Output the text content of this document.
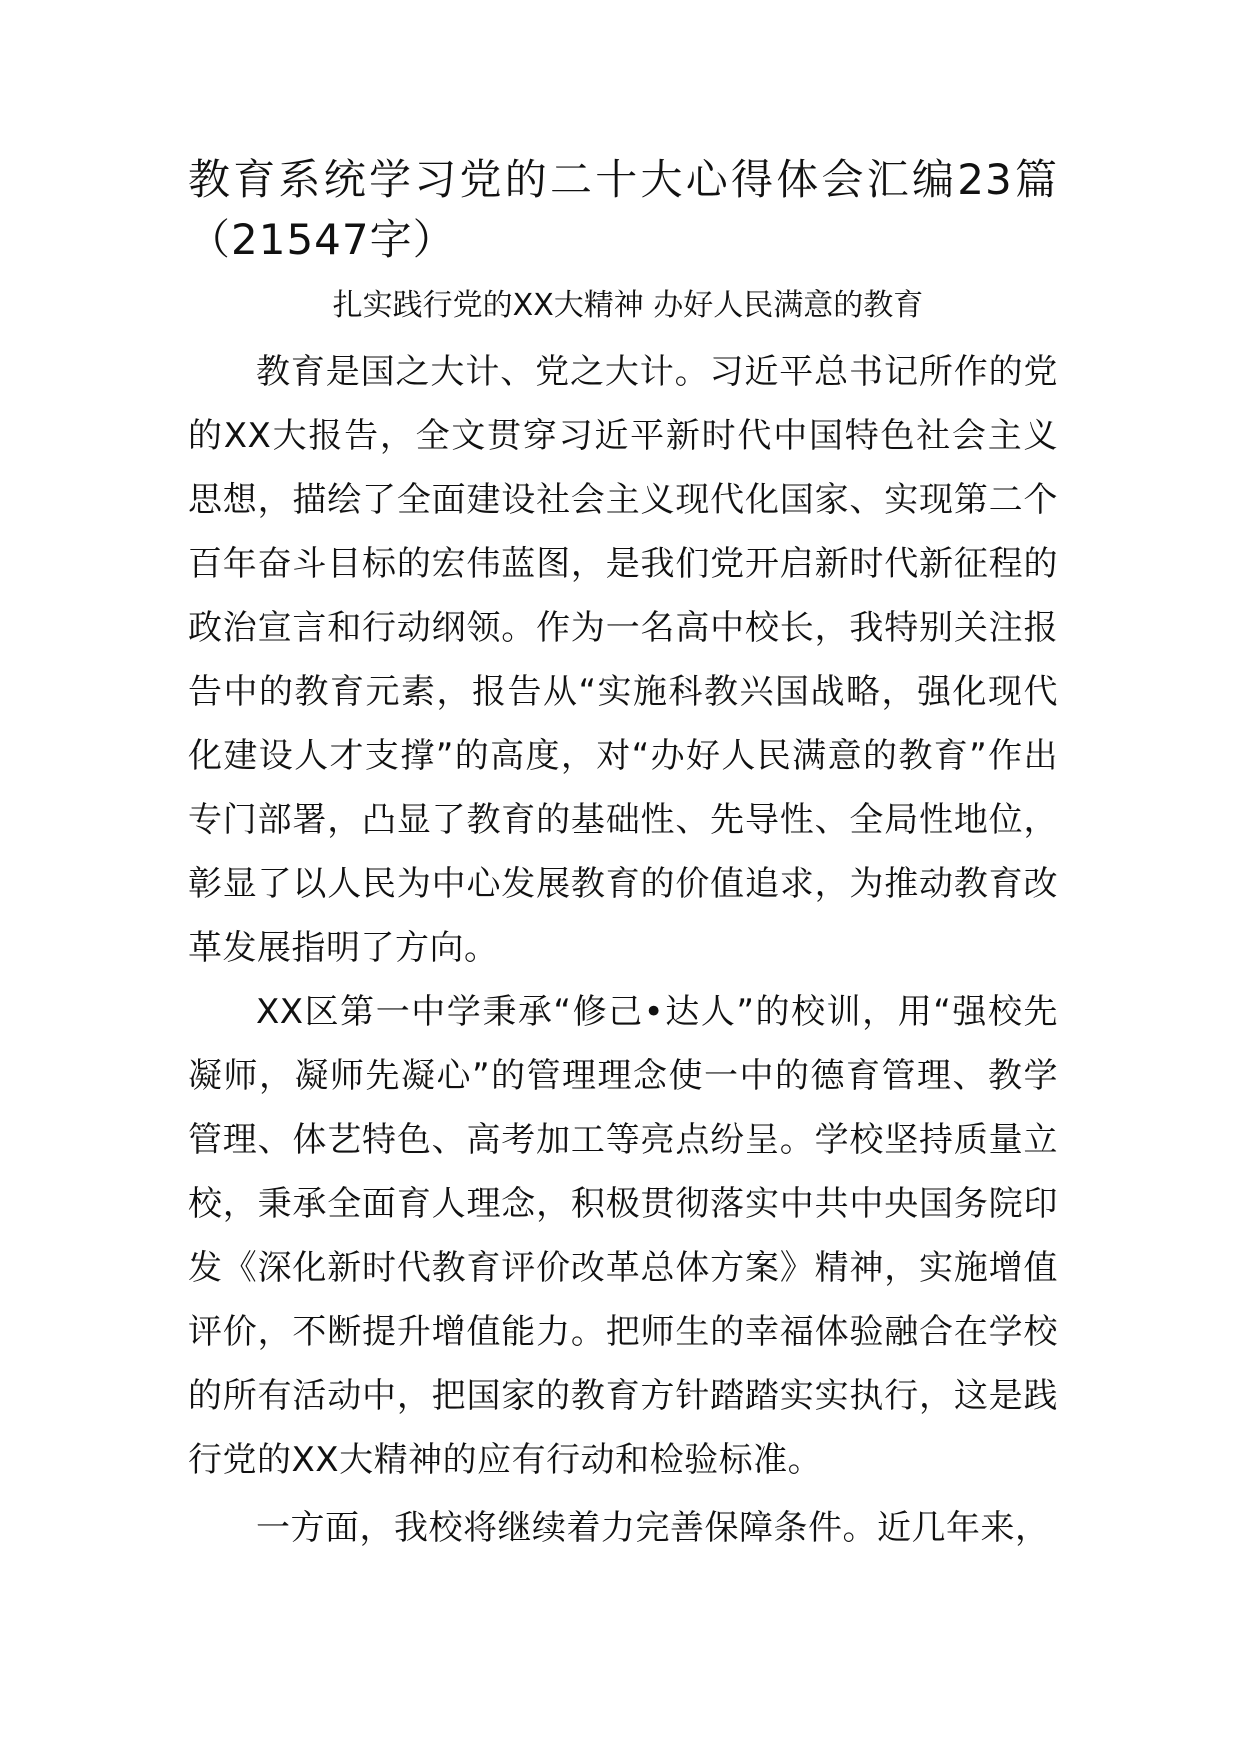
教育系统学习党的二十大心得体会汇编23篇（21547字）
扎实践行党的XX大精神 办好人民满意的教育

教育是国之大计、党之大计。习近平总书记所作的党的XX大报告，全文贯穿习近平新时代中国特色社会主义思想，描绘了全面建设社会主义现代化国家、实现第二个百年奋斗目标的宏伟蓝图，是我们党开启新时代新征程的政治宣言和行动纲领。作为一名高中校长，我特别关注报告中的教育元素，报告从“实施科教兴国战略，强化现代化建设人才支撑”的高度，对“办好人民满意的教育”作出专门部署，凸显了教育的基础性、先导性、全局性地位，彰显了以人民为中心发展教育的价值追求，为推动教育改革发展指明了方向。

XX区第一中学秉承“修己•达人”的校训，用“强校先凝师，凝师先凝心”的管理理念使一中的德育管理、教学管理、体艺特色、高考加工等亮点纷呈。学校坚持质量立校，秉承全面育人理念，积极贯彻落实中共中央国务院印发《深化新时代教育评价改革总体方案》精神，实施增值评价，不断提升增值能力。把师生的幸福体验融合在学校的所有活动中，把国家的教育方针踏踏实实执行，这是践行党的XX大精神的应有行动和检验标准。

一方面，我校将继续着力完善保障条件。近几年来，
